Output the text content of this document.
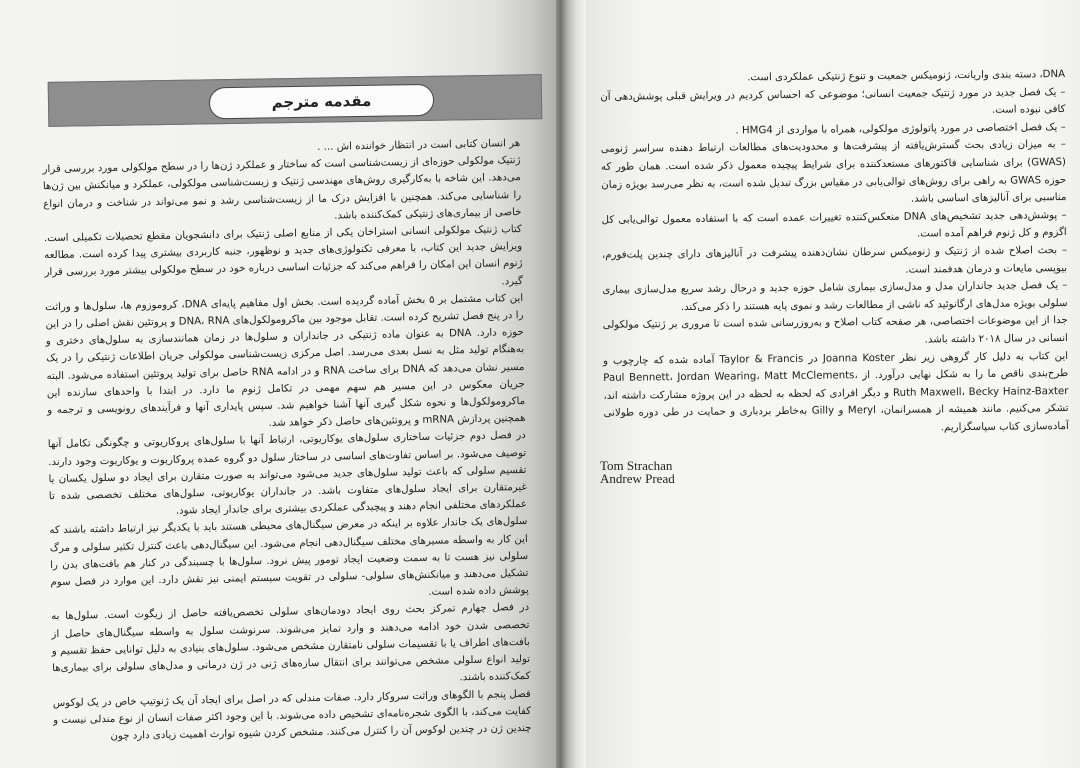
مقدمه مترجم

هر انسان کتابی است در انتظار خواننده اش ... .

ژنتیک مولکولی حوزه‌ای از زیست‌شناسی است که ساختار و عملکرد ژن‌ها را در سطح مولکولی مورد بررسی قرار می‌دهد. این شاخه با به‌کارگیری روش‌های مهندسی ژنتیک و زیست‌شناسی مولکولی، عملکرد و میانکنش بین ژن‌ها را شناسایی می‌کند. همچنین با افزایش درک ما از زیست‌شناسی رشد و نمو می‌تواند در شناخت و درمان انواع خاصی از بیماری‌های ژنتیکی کمک‌کننده باشد.

کتاب ژنتیک مولکولی انسانی استراخان یکی از منابع اصلی ژنتیک برای دانشجویان مقطع تحصیلات تکمیلی است. ویرایش جدید این کتاب، با معرفی تکنولوژی‌های جدید و نوظهور، جنبه کاربردی بیشتری پیدا کرده است. مطالعه ژنوم انسان این امکان را فراهم می‌کند که جزئیات اساسی درباره خود در سطح مولکولی بیشتر مورد بررسی قرار گیرد.

این کتاب مشتمل بر ۵ بخش آماده گردیده است. بخش اول مفاهیم پایه‌ای DNA، کروموزوم ها، سلول‌ها و وراثت را در پنج فصل تشریح کرده است. تقابل موجود بین ماکرومولکول‌های DNA، RNA و پروتئین نقش اصلی را در این حوزه دارد. DNA به عنوان ماده ژنتیکی در جانداران و سلول‌ها در زمان همانندسازی به سلول‌های دختری و به‌هنگام تولید مثل به نسل بعدی می‌رسد. اصل مرکزی زیست‌شناسی مولکولی جریان اطلاعات ژنتیکی را در یک مسیر نشان می‌دهد که DNA برای ساخت RNA و در ادامه RNA حاصل برای تولید پروتئین استفاده می‌شود. البته جریان معکوس در این مسیر هم سهم مهمی در تکامل ژنوم ما دارد. در ابتدا با واحدهای سازنده این ماکرومولکول‌ها و نحوه شکل گیری آنها آشنا خواهیم شد. سپس پایداری آنها و فرآیندهای رونویسی و ترجمه و همچنین پردازش mRNA و پروتئین‌های حاصل ذکر خواهد شد.

در فصل دوم جزئیات ساختاری سلول‌های یوکاریوتی، ارتباط آنها با سلول‌های پروکاریوتی و چگونگی تکامل آنها توصیف می‌شود. بر اساس تفاوت‌های اساسی در ساختار سلول دو گروه عمده پروکاریوت و یوکاریوت وجود دارند. تقسیم سلولی که باعث تولید سلول‌های جدید می‌شود می‌تواند به صورت متقارن برای ایجاد دو سلول یکسان یا غیرمتقارن برای ایجاد سلول‌های متفاوت باشد. در جانداران یوکاریوتی، سلول‌های مختلف تخصصی شده تا عملکردهای مختلفی انجام دهند و پیچیدگی عملکردی بیشتری برای جاندار ایجاد شود.

سلول‌های یک جاندار علاوه بر اینکه در معرض سیگنال‌های محیطی هستند باید با یکدیگر نیز ارتباط داشته باشند که این کار به واسطه مسیرهای مختلف سیگنال‌دهی انجام می‌شود. این سیگنال‌دهی باعث کنترل تکثیر سلولی و مرگ سلولی نیز هست تا به سمت وضعیت ایجاد تومور پیش نرود. سلول‌ها با چسبندگی در کنار هم بافت‌های بدن را تشکیل می‌دهند و میانکنش‌های سلولی- سلولی در تقویت سیستم ایمنی نیز نقش دارد. این موارد در فصل سوم پوشش داده شده است.

در فصل چهارم تمرکز بحث روی ایجاد دودمان‌های سلولی تخصص‌یافته حاصل از زیگوت است. سلول‌ها به تخصصی شدن خود ادامه می‌دهند و وارد تمایز می‌شوند. سرنوشت سلول به واسطه سیگنال‌های حاصل از بافت‌های اطراف یا با تقسیمات سلولی نامتقارن مشخص می‌شود. سلول‌های بنیادی به دلیل توانایی حفظ تقسیم و تولید انواع سلولی مشخص می‌توانند برای انتقال سازه‌های ژنی در ژن درمانی و مدل‌های سلولی برای بیماری‌ها کمک‌کننده باشند.

فصل پنجم با الگوهای وراثت سروکار دارد. صفات مندلی که در اصل برای ایجاد آن یک ژنوتیپ خاص در یک لوکوس کفایت می‌کند، با الگوی شجره‌نامه‌ای تشخیص داده می‌شوند. با این وجود اکثر صفات انسان از نوع مندلی نیست و چندین ژن در چندین لوکوس آن را کنترل می‌کنند. مشخص کردن شیوه توارث اهمیت زیادی دارد چون

DNA، دسته بندی واریانت، ژنومیکس جمعیت و تنوع ژنتیکی عملکردی است.

– یک فصل جدید در مورد ژنتیک جمعیت انسانی؛ موضوعی که احساس کردیم در ویرایش قبلی پوشش‌دهی آن کافی نبوده است.

– یک فصل اختصاصی در مورد پاتولوژی مولکولی، همراه با مواردی از HMG4 .

– به میزان زیادی بحث گسترش‌یافته از پیشرفت‌ها و محدودیت‌های مطالعات ارتباط دهنده سراسر ژنومی (GWAS) برای شناسایی فاکتورهای مستعدکننده برای شرایط پیچیده معمول ذکر شده است. همان طور که حوزه GWAS به راهی برای روش‌های توالی‌یابی در مقیاس بزرگ تبدیل شده است، به نظر می‌رسد بویژه زمان مناسبی برای آنالیزهای اساسی باشد.

– پوشش‌دهی جدید تشخیص‌های DNA منعکس‌کننده تغییرات عمده است که با استفاده معمول توالی‌یابی کل اگزوم و کل ژنوم فراهم آمده است.

– بحث اصلاح شده از ژنتیک و ژنومیکس سرطان نشان‌دهنده پیشرفت در آنالیزهای دارای چندین پلت‌فورم، بیوپسی مایعات و درمان هدفمند است.

– یک فصل جدید جانداران مدل و مدل‌سازی بیماری شامل حوزه جدید و درحال رشد سریع مدل‌سازی بیماری سلولی بویژه مدل‌های ارگانوئید که ناشی از مطالعات رشد و نموی پایه هستند را ذکر می‌کند.

جدا از این موضوعات اختصاصی، هر صفحه کتاب اصلاح و به‌روزرسانی شده است تا مروری بر ژنتیک مولکولی انسانی در سال ۲۰۱۸ داشته باشد.

این کتاب به دلیل کار گروهی زیر نظر Joanna Koster در Taylor & Francis آماده شده که چارچوب و طرح‌بندی ناقص ما را به شکل نهایی درآورد. از Paul Bennett، Jordan Wearing، Matt McClements، Ruth Maxwell، Becky Hainz-Baxter و دیگر افرادی که لحظه به لحظه در این پروژه مشارکت داشته اند، تشکر می‌کنیم. مانند همیشه از همسرانمان، Meryl و Gilly به‌خاطر بردباری و حمایت در طی دوره طولانی آماده‌سازی کتاب سپاسگزاریم.

Tom Strachan
Andrew Pread
